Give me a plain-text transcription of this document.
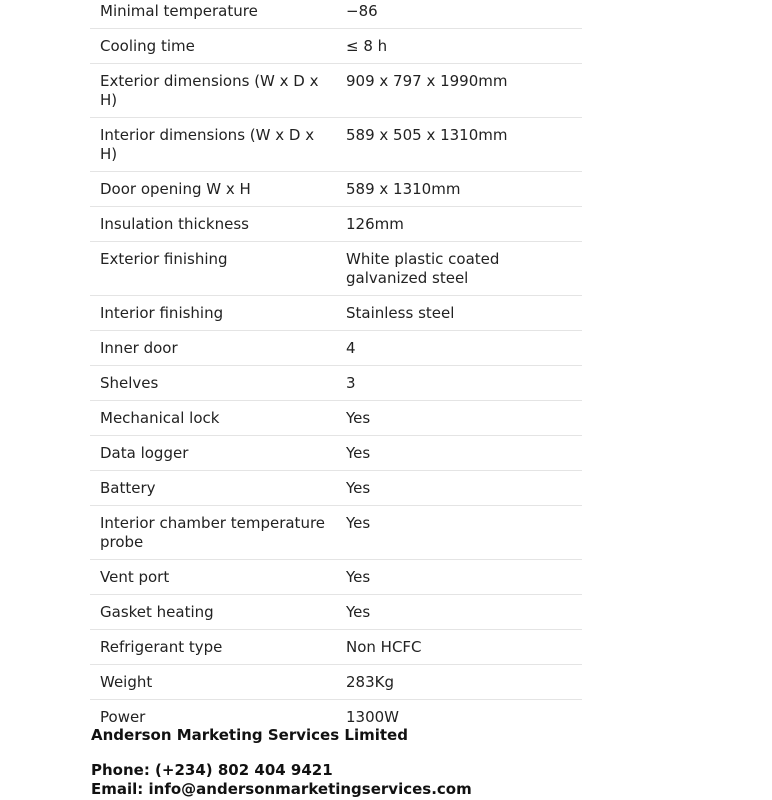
Minimal temperature	−86
Cooling time	≤ 8 h
Exterior dimensions (W x D x H)	909 x 797 x 1990mm
Interior dimensions (W x D x H)	589 x 505 x 1310mm
Door opening W x H	589 x 1310mm
Insulation thickness	126mm
Exterior finishing	White plastic coated galvanized steel
Interior finishing	Stainless steel
Inner door	4
Shelves	3
Mechanical lock	Yes
Data logger	Yes
Battery	Yes
Interior chamber temperature probe	Yes
Vent port	Yes
Gasket heating	Yes
Refrigerant type	Non HCFC
Weight	283Kg
Power	1300W
Anderson Marketing Services Limited
Phone: (+234) 802 404 9421
Email: info@andersonmarketingservices.com
